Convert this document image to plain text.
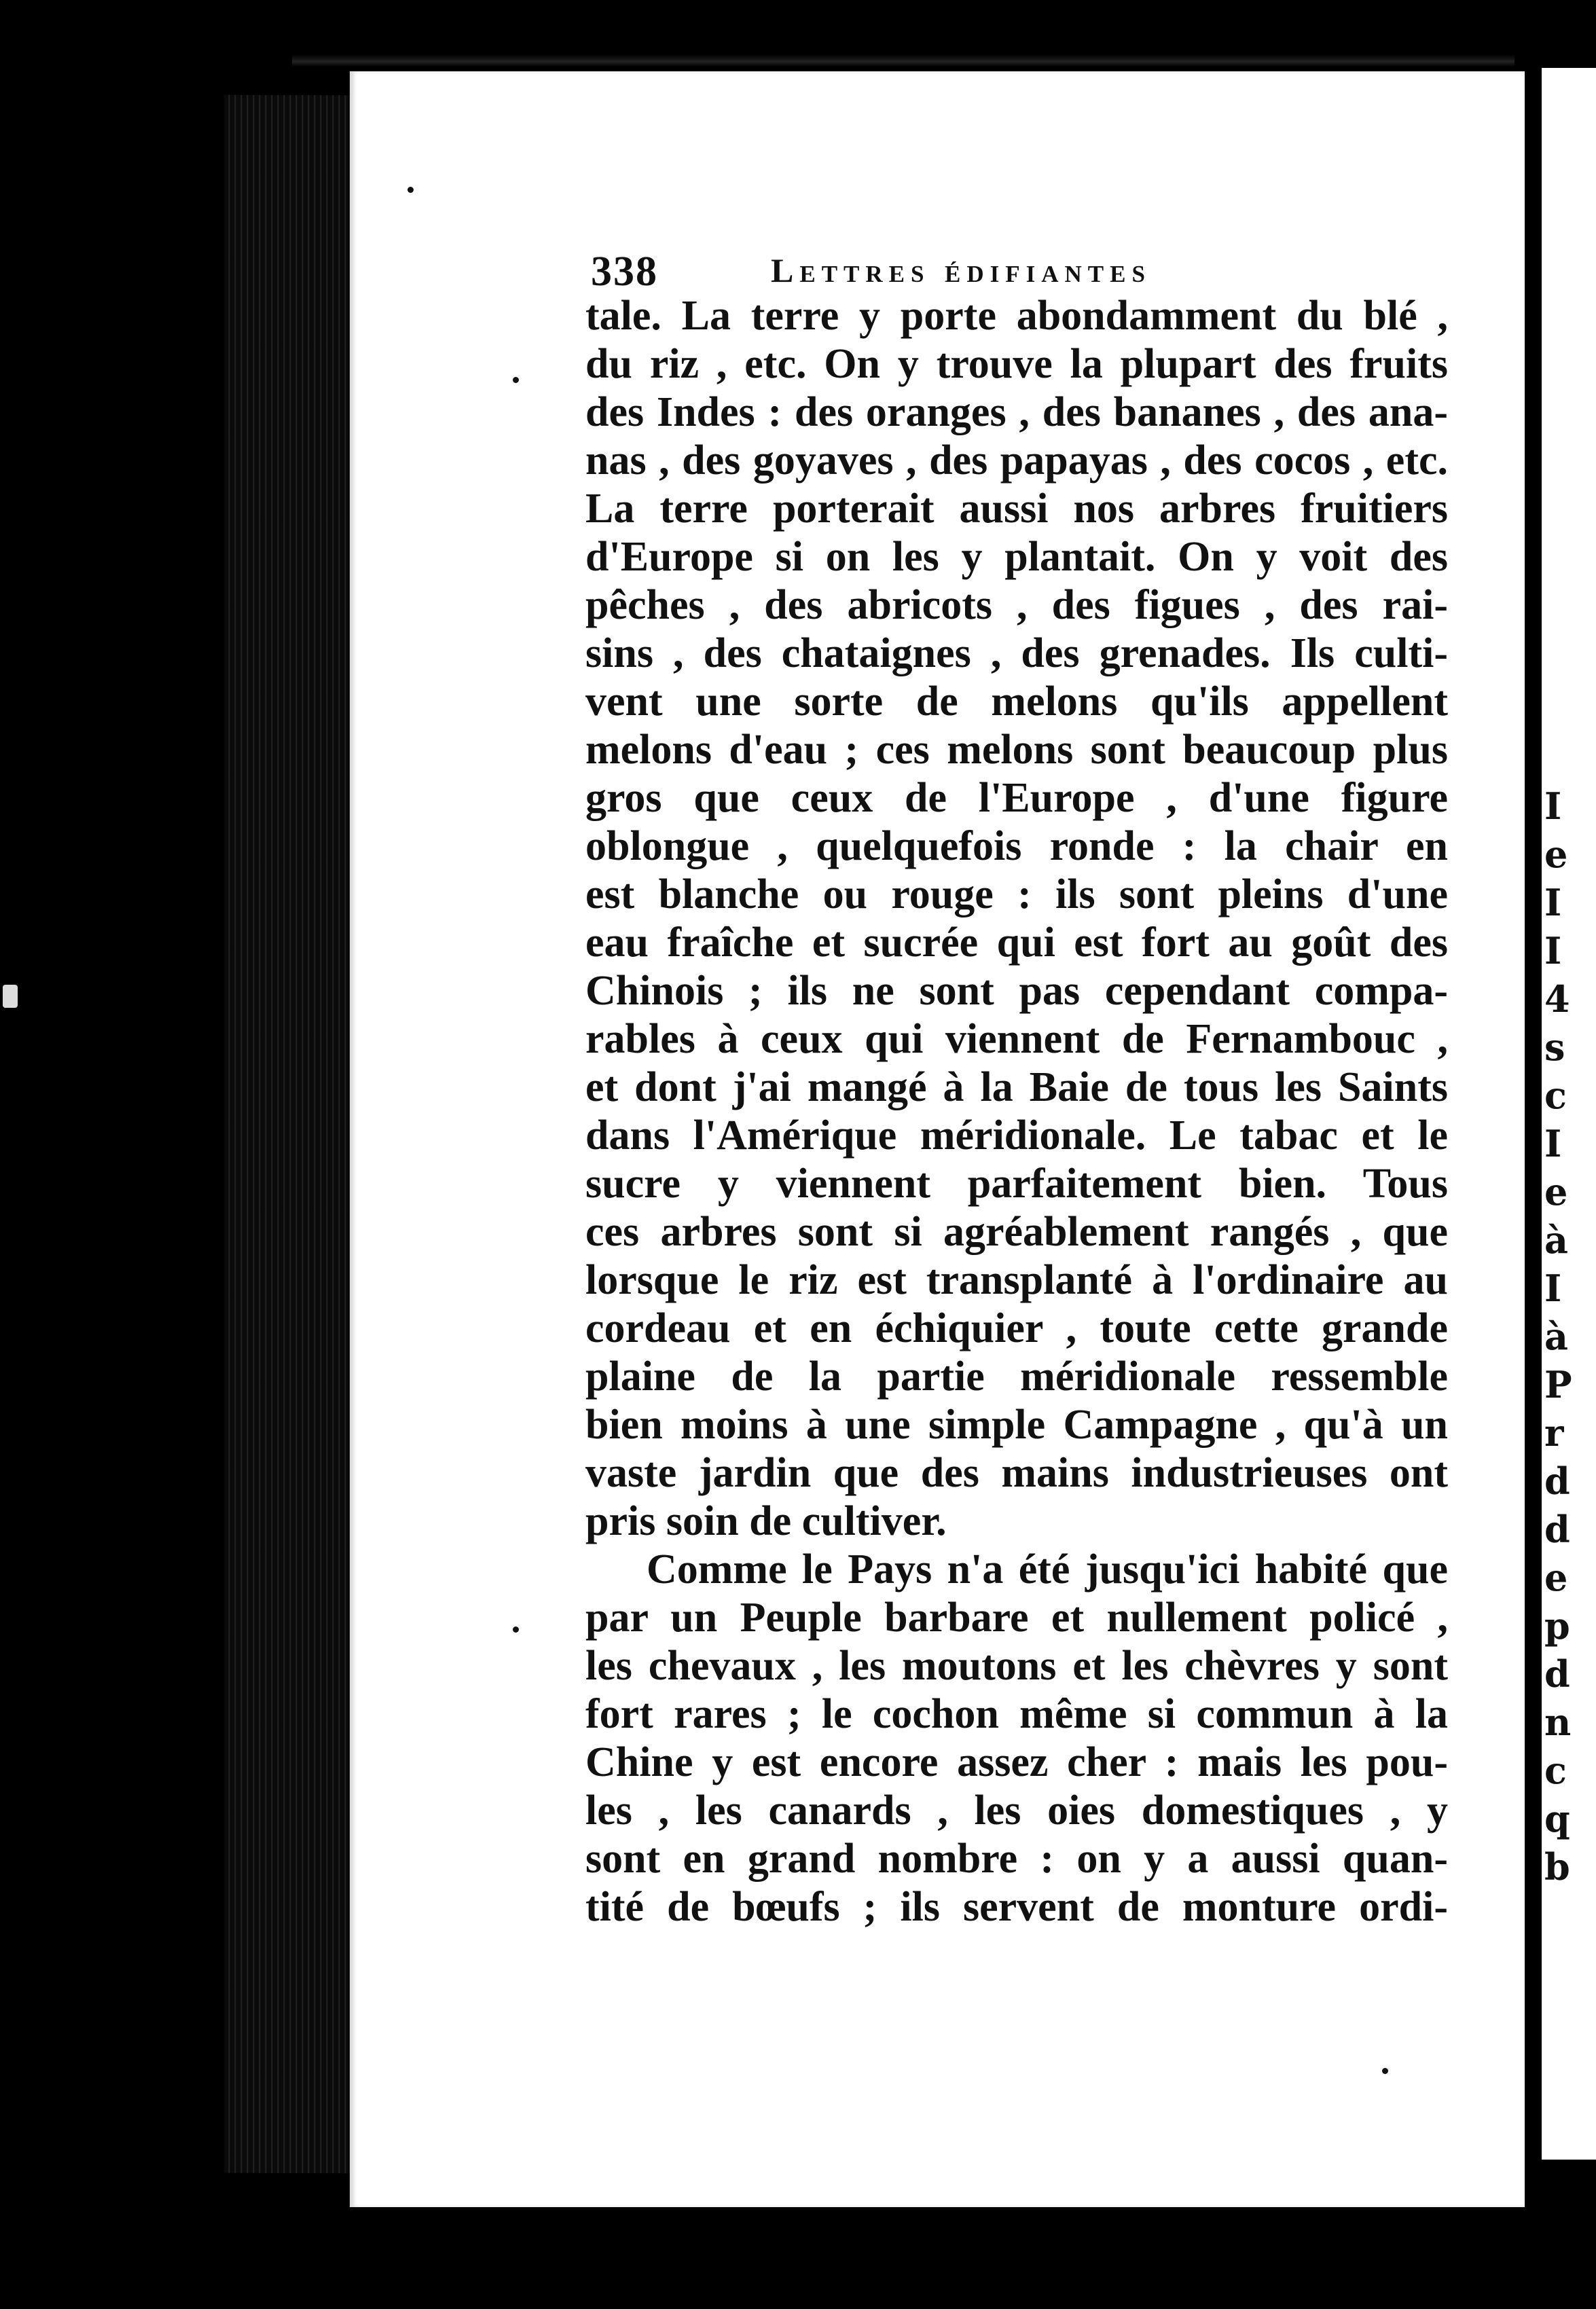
I
e
I
I
4
s
c
I
e
à
I
à
P
r
d
d
e
p
d
n
c
q
b
338	Lettres édifiantes
tale. La terre y porte abondamment du blé ,
du riz , etc. On y trouve la plupart des fruits
des Indes : des oranges , des bananes , des ana-
nas , des goyaves , des papayas , des cocos , etc.
La terre porterait aussi nos arbres fruitiers
d'Europe si on les y plantait. On y voit des
pêches , des abricots , des figues , des rai-
sins , des chataignes , des grenades. Ils culti-
vent une sorte de melons qu'ils appellent
melons d'eau ; ces melons sont beaucoup plus
gros que ceux de l'Europe , d'une figure
oblongue , quelquefois ronde : la chair en
est blanche ou rouge : ils sont pleins d'une
eau fraîche et sucrée qui est fort au goût des
Chinois ; ils ne sont pas cependant compa-
rables à ceux qui viennent de Fernambouc ,
et dont j'ai mangé à la Baie de tous les Saints
dans l'Amérique méridionale. Le tabac et le
sucre y viennent parfaitement bien. Tous
ces arbres sont si agréablement rangés , que
lorsque le riz est transplanté à l'ordinaire au
cordeau et en échiquier , toute cette grande
plaine de la partie méridionale ressemble
bien moins à une simple Campagne , qu'à un
vaste jardin que des mains industrieuses ont
pris soin de cultiver.
Comme le Pays n'a été jusqu'ici habité que
par un Peuple barbare et nullement policé ,
les chevaux , les moutons et les chèvres y sont
fort rares ; le cochon même si commun à la
Chine y est encore assez cher : mais les pou-
les , les canards , les oies domestiques , y
sont en grand nombre : on y a aussi quan-
tité de bœufs ; ils servent de monture ordi-
